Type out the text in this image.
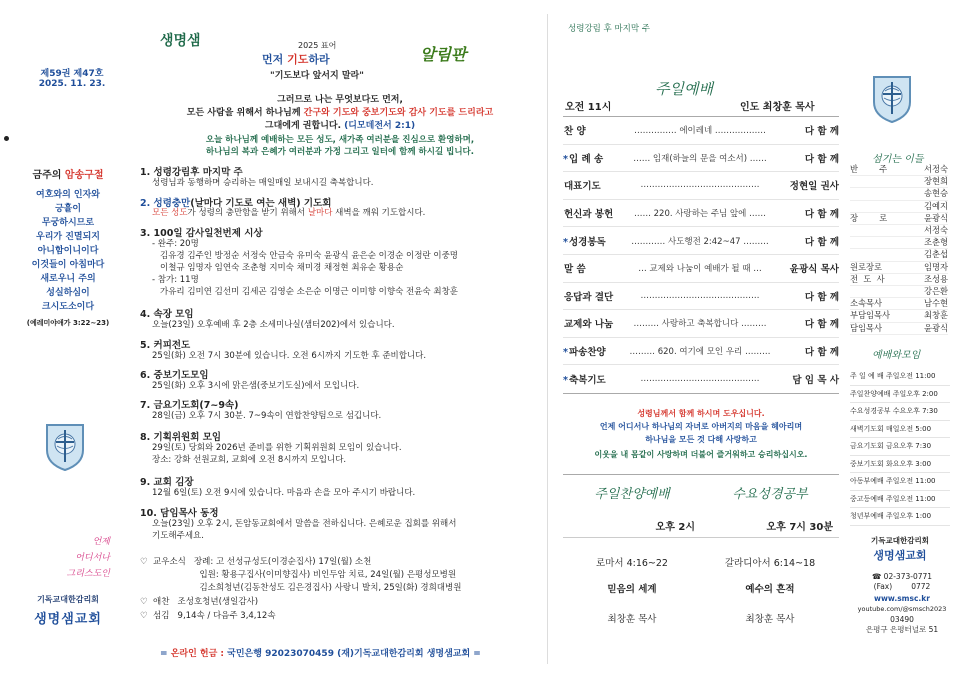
제59권 제47호
2025. 11. 23.
금주의 암송구절
여호와의 인자와
긍휼이
무궁하시므로
우리가 진멸되지
아니함이니이다
이것들이 아침마다
새로우니 주의
성실하심이
크시도소이다
(예레미야애가 3:22~23)
언제
어디서나
그리스도인
기독교대한감리회
생명샘교회
생명샘	2025 표어
먼저 기도하라
"기도보다 앞서지 말라"
알림판
그러므로 나는 무엇보다도 먼저,
모든 사람을 위해서 하나님께 간구와 기도와 중보기도와 감사 기도를 드리라고
그대에게 권합니다. (디모데전서 2:1)
오늘 하나님께 예배하는 모든 성도, 새가족 여러분을 진심으로 환영하며,
하나님의 복과 은혜가 여러분과 가정 그리고 일터에 함께 하시길 빕니다.
1. 성령강림후 마지막 주
성령님과 동행하며 승리하는 매일매일 보내시길 축복합니다.
2. 성령충만(날마다 기도로 여는 새벽) 기도회
모든 성도가 성령의 충만함을 받기 위해서 날마다 새벽을 깨워 기도합시다.
3. 100일 감사일천번제 시상
- 완주: 20명
김유경 김주인 방정순 서정숙 안금숙 유미숙 윤광식 윤은순 이경순 이정란 이중명
이철규 임명자 임연숙 조춘형 지미숙 채미경 채정현 최유순 황용순
- 참가: 11명
가유리 김미연 김선미 김세곤 김영순 소은순 이명근 이미향 이향숙 전윤숙 최창훈
4. 속장 모임
오늘(23일) 오후예배 후 2층 소세미나실(샘터202)에서 있습니다.
5. 커피전도
25일(화) 오전 7시 30분에 있습니다. 오전 6시까지 기도한 후 준비합니다.
6. 중보기도모임
25일(화) 오후 3시에 맑은샘(중보기도실)에서 모입니다.
7. 금요기도회(7~9속)
28일(금) 오후 7시 30분. 7~9속이 연합찬양팀으로 섬깁니다.
8. 기획위원회 모임
29일(토) 당회와 2026년 준비를 위한 기획위원회 모임이 있습니다.
장소: 강화 선원교회, 교회에 오전 8시까지 모입니다.
9. 교회 김장
12월 6일(토) 오전 9시에 있습니다. 마음과 손을 모아 주시기 바랍니다.
10. 담임목사 동정
오늘(23일) 오후 2시, 돈암동교회에서 말씀을 전하십니다. 은혜로운 집회를 위해서
기도해주세요.
♡  교우소식   장례: 고 선성규성도(이경순집사) 17일(월) 소천
입원: 황용구집사(이미향집사) 비인두암 치료, 24일(월) 은평성모병원
김소희청년(김동찬성도 김은경집사) 사랑니 발치, 25일(화) 경희대병원
♡  애찬   조성호청년(생일감사)
♡  섬김   9,14속 / 다음주 3,4,12속
= 온라인 헌금 : 국민은행 92023070459 (재)기독교대한감리회 생명샘교회 =
성령강림 후 마지막 주
주일예배
오전 11시	인도 최창훈 목사
찬 양	…………… 에이레네 ………………	다 함 께
*입 례 송	…… 임재(하늘의 문을 여소서) ……	다 함 께
대표기도	……………………………………	정현일 권사
헌신과 봉헌	…… 220. 사랑하는 주님 앞에 ……	다 함 께
*성경봉독	………… 사도행전 2:42~47 ………	다 함 께
말 씀	… 교제와 나눔이 예배가 될 때 …	윤광식 목사
응답과 결단	……………………………………	다 함 께
교제와 나눔	……… 사랑하고 축복합니다 ………	다 함 께
*파송찬양	……… 620. 여기에 모인 우리 ………	다 함 께
*축복기도	……………………………………	담 임 목 사
성령님께서 함께 하시며 도우십니다.
언제 어디서나 하나님의 자녀로 아버지의 마음을 헤아리며
하나님을 모든 것 다해 사랑하고
이웃을 내 몸같이 사랑하며 더불어 즐거워하고 승리하십시오.
주일찬양예배
오후 2시
로마서 4:16~22
믿음의 세계
최창훈 목사
수요성경공부
오후 7시 30분
갈라디아서 6:14~18
예수의 흔적
최창훈 목사
섬기는 이들
반        주	서정숙
장현희
송현승
김예지
장        로	윤광식
서정숙
조춘형
김춘섭
원로장로	임명자
전  도  사	조성용
강은환
소속목사	남수현
부담임목사	최창훈
담임목사	윤광식
예배와모임
주 일 예 배 주일오전 11:00
주일찬양예배 주일오후 2:00
수요성경공부 수요오후 7:30
새벽기도회 매일오전 5:00
금요기도회 금요오후 7:30
중보기도회 화요오후 3:00
아동부예배 주일오전 11:00
중고등예배 주일오전 11:00
청년부예배 주일오후 1:00
기독교대한감리회
생명샘교회
☎ 02-373-0771
(Fax)        0772
www.smsc.kr
youtube.com/@smsch2023
03490
은평구 은평터널로 51
